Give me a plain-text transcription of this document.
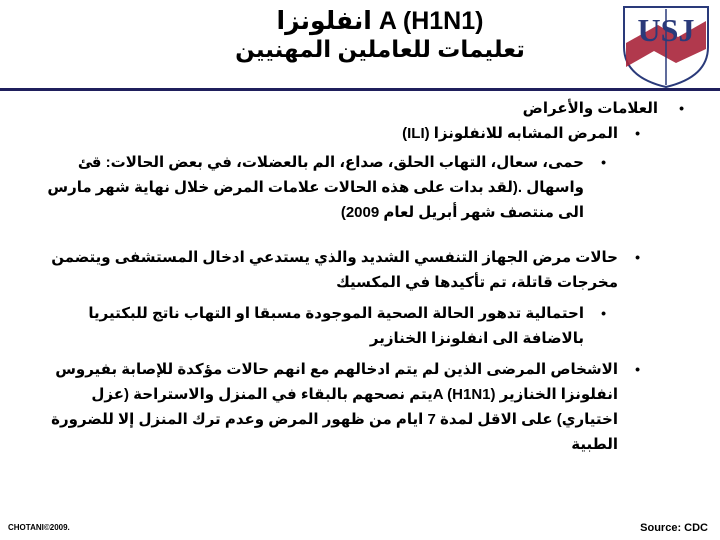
انفلونزا A (H1N1)
تعليمات للعاملين المهنيين
USJ
•
العلامات والأعراض
•
المرض المشابه للانفلونزا (ILI)
•
حمى، سعال، التهاب الحلق، صداع، الم بالعضلات، في بعض الحالات: قئ واسهال .(لقد بدات على هذه الحالات علامات المرض خلال نهاية شهر مارس الى منتصف شهر أبريل لعام 2009)
•
حالات مرض الجهاز التنفسي الشديد والذي يستدعي ادخال المستشفى ويتضمن مخرجات قاتلة، تم تأكيدها في المكسيك
•
احتمالية تدهور الحالة الصحية الموجودة مسبقا او التهاب ناتج للبكتيريا بالاضافة الى انفلونزا الخنازير
•
الاشخاص المرضى الذين لم يتم ادخالهم مع انهم حالات مؤكدة للإصابة بفيروس انفلونزا الخنازير A (H1N1)يتم نصحهم بالبقاء في المنزل والاستراحة (عزل اختياري) على الاقل لمدة 7 ايام من ظهور المرض وعدم ترك المنزل إلا للضرورة الطبية
CHOTANI©2009.	Source: CDC
